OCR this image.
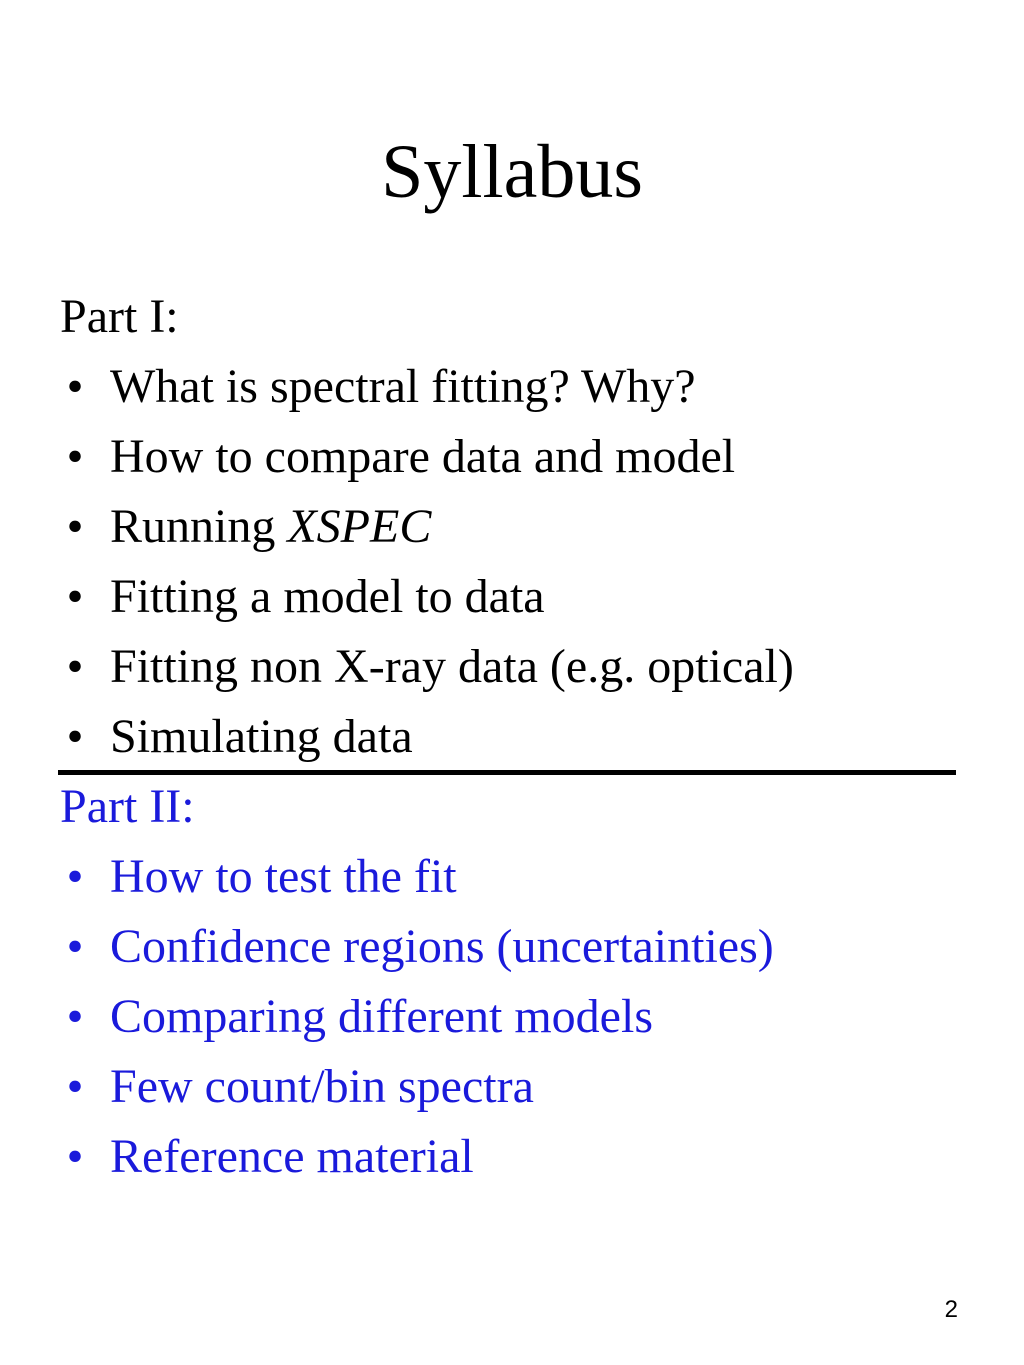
Syllabus
Part I:
• What is spectral fitting? Why?
• How to compare data and model
• Running XSPEC
• Fitting a model to data
• Fitting non X-ray data (e.g. optical)
• Simulating data
Part II:
• How to test the fit
• Confidence regions (uncertainties)
• Comparing different models
• Few count/bin spectra
• Reference material
2
